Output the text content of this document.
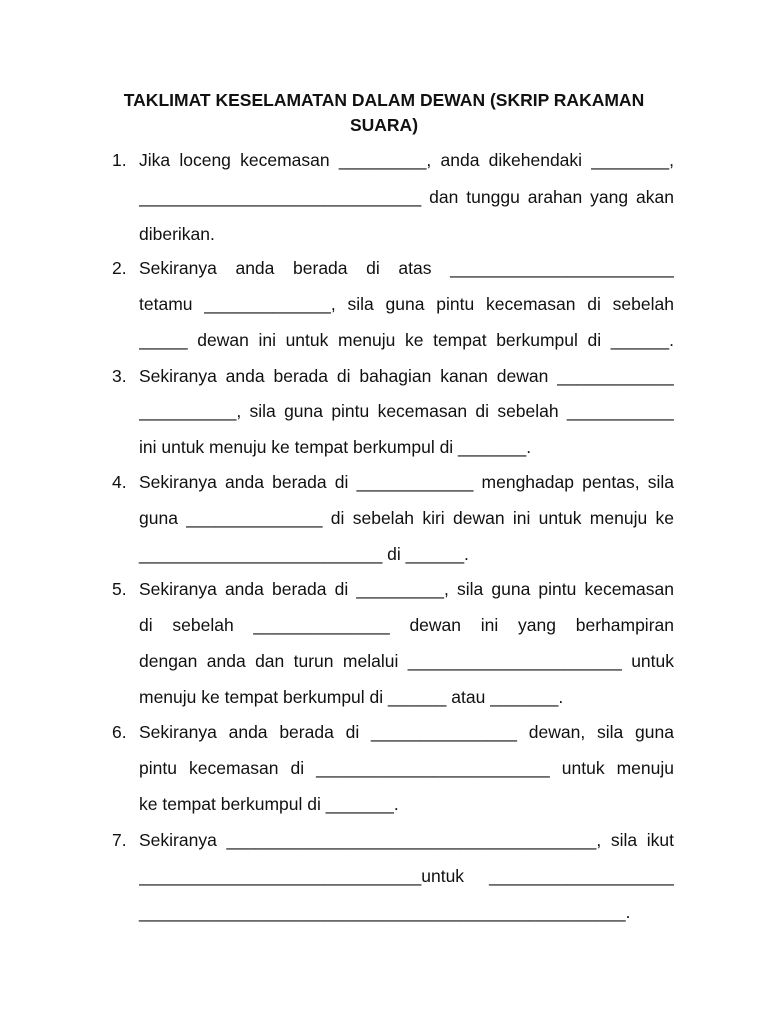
TAKLIMAT KESELAMATAN DALAM DEWAN (SKRIP RAKAMAN
SUARA)
1. Jika loceng kecemasan _________, anda dikehendaki ________,
_____________________________ dan tunggu arahan yang akan
diberikan.
2. Sekiranya anda berada di atas _______________________
tetamu _____________, sila guna pintu kecemasan di sebelah
_____ dewan ini untuk menuju ke tempat berkumpul di ______.
3. Sekiranya anda berada di bahagian kanan dewan ____________
__________, sila guna pintu kecemasan di sebelah ___________
ini untuk menuju ke tempat berkumpul di _______.
4. Sekiranya anda berada di ____________ menghadap pentas, sila
guna ______________ di sebelah kiri dewan ini untuk menuju ke
_________________________ di ______.
5. Sekiranya anda berada di _________, sila guna pintu kecemasan
di sebelah ______________ dewan ini yang berhampiran
dengan anda dan turun melalui ______________________ untuk
menuju ke tempat berkumpul di ______ atau _______.
6. Sekiranya anda berada di _______________ dewan, sila guna
pintu kecemasan di ________________________ untuk menuju
ke tempat berkumpul di _______.
7. Sekiranya ______________________________________, sila ikut
_____________________________untuk ___________________
__________________________________________________.
